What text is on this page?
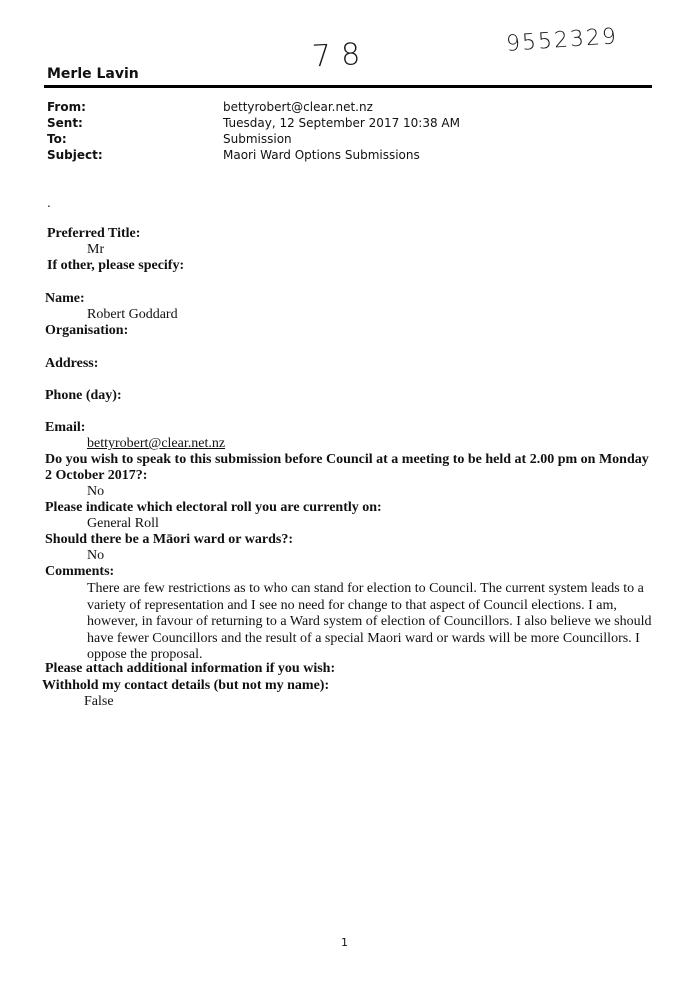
78	9552329
Merle Lavin
From:	bettyrobert@clear.net.nz
Sent:	Tuesday, 12 September 2017 10:38 AM
To:	Submission
Subject:	Maori Ward Options Submissions
.
Preferred Title:
Mr
If other, please specify:
Name:
Robert Goddard
Organisation:
Address:
Phone (day):
Email:
bettyrobert@clear.net.nz
Do you wish to speak to this submission before Council at a meeting to be held at 2.00 pm on Monday
2 October 2017?:
No
Please indicate which electoral roll you are currently on:
General Roll
Should there be a Māori ward or wards?:
No
Comments:
There are few restrictions as to who can stand for election to Council. The current system leads to a variety of representation and I see no need for change to that aspect of Council elections. I am, however, in favour of returning to a Ward system of election of Councillors. I also believe we should have fewer Councillors and the result of a special Maori ward or wards will be more Councillors. I oppose the proposal.
Please attach additional information if you wish:
Withhold my contact details (but not my name):
False
1
